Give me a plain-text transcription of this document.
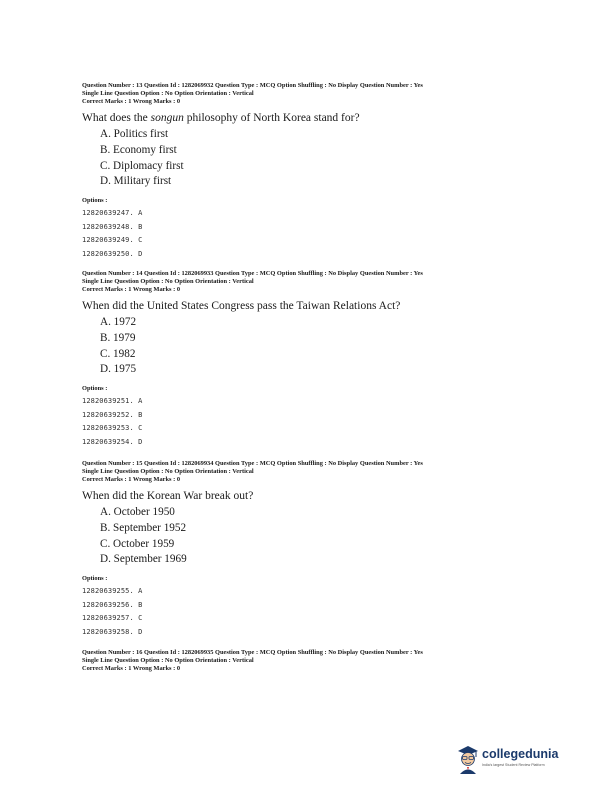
Question Number : 13 Question Id : 1282069932 Question Type : MCQ Option Shuffling : No Display Question Number : Yes
Single Line Question Option : No Option Orientation : Vertical
Correct Marks : 1 Wrong Marks : 0
What does the songun philosophy of North Korea stand for?
A. Politics first
B. Economy first
C. Diplomacy first
D. Military first
Options :
12820639247. A
12820639248. B
12820639249. C
12820639250. D
Question Number : 14 Question Id : 1282069933 Question Type : MCQ Option Shuffling : No Display Question Number : Yes
Single Line Question Option : No Option Orientation : Vertical
Correct Marks : 1 Wrong Marks : 0
When did the United States Congress pass the Taiwan Relations Act?
A. 1972
B. 1979
C. 1982
D. 1975
Options :
12820639251. A
12820639252. B
12820639253. C
12820639254. D
Question Number : 15 Question Id : 1282069934 Question Type : MCQ Option Shuffling : No Display Question Number : Yes
Single Line Question Option : No Option Orientation : Vertical
Correct Marks : 1 Wrong Marks : 0
When did the Korean War break out?
A. October 1950
B. September 1952
C. October 1959
D. September 1969
Options :
12820639255. A
12820639256. B
12820639257. C
12820639258. D
Question Number : 16 Question Id : 1282069935 Question Type : MCQ Option Shuffling : No Display Question Number : Yes
Single Line Question Option : No Option Orientation : Vertical
Correct Marks : 1 Wrong Marks : 0
collegedunia
India's largest Student Review Platform
